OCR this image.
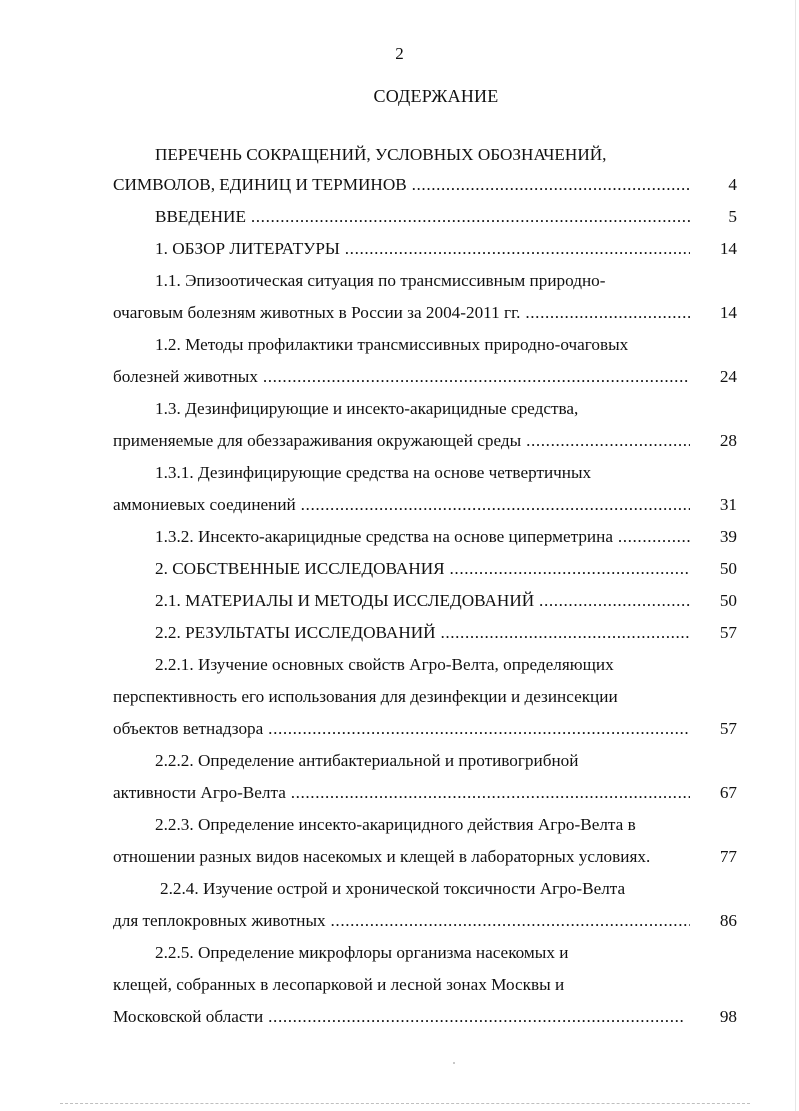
2
СОДЕРЖАНИЕ
ПЕРЕЧЕНЬ СОКРАЩЕНИЙ, УСЛОВНЫХ ОБОЗНАЧЕНИЙ,
СИМВОЛОВ, ЕДИНИЦ И ТЕРМИНОВ .....	4
ВВЕДЕНИЕ .....	5
1. ОБЗОР ЛИТЕРАТУРЫ .....	14
1.1. Эпизоотическая ситуация по трансмиссивным природно-
очаговым болезням животных в России за 2004-2011 гг. .....	14
1.2. Методы профилактики трансмиссивных природно-очаговых
болезней животных .....	24
1.3. Дезинфицирующие и инсекто-акарицидные средства,
применяемые для обеззараживания окружающей среды .....	28
1.3.1. Дезинфицирующие средства на основе четвертичных
аммониевых соединений .....	31
1.3.2. Инсекто-акарицидные средства на основе циперметрина .....	39
2. СОБСТВЕННЫЕ ИССЛЕДОВАНИЯ .....	50
2.1. МАТЕРИАЛЫ И МЕТОДЫ ИССЛЕДОВАНИЙ .....	50
2.2. РЕЗУЛЬТАТЫ ИССЛЕДОВАНИЙ .....	57
2.2.1. Изучение основных свойств Агро-Велта, определяющих
перспективность его использования для дезинфекции и дезинсекции
объектов ветнадзора .....	57
2.2.2. Определение антибактериальной и противогрибной
активности Агро-Велта .....	67
2.2.3. Определение инсекто-акарицидного действия Агро-Велта в
отношении разных видов насекомых и клещей в лабораторных условиях.	77
2.2.4. Изучение острой и хронической токсичности Агро-Велта
для теплокровных животных .....	86
2.2.5. Определение микрофлоры организма насекомых и
клещей, собранных в лесопарковой и лесной зонах Москвы и
Московской области .....	98
